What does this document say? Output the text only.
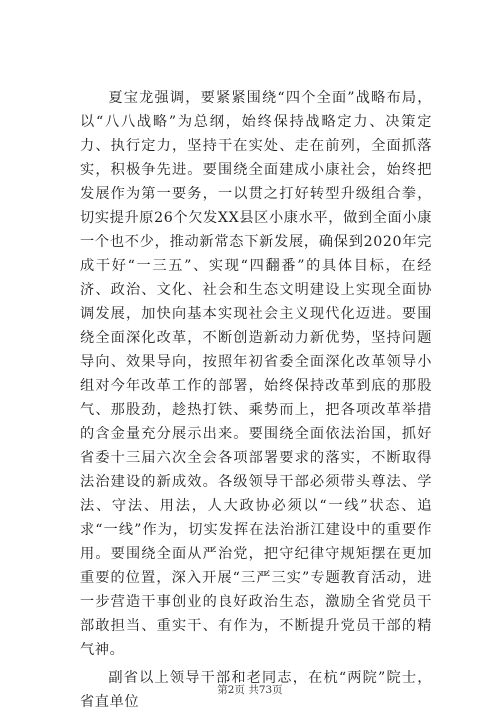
夏宝龙强调，要紧紧围绕“四个全面”战略布局，以“八八战略”为总纲，始终保持战略定力、决策定力、执行定力，坚持干在实处、走在前列，全面抓落实，积极争先进。要围绕全面建成小康社会，始终把发展作为第一要务，一以贯之打好转型升级组合拳，切实提升原26个欠发XX县区小康水平，做到全面小康一个也不少，推动新常态下新发展，确保到2020年完成干好“一三五”、实现“四翻番”的具体目标，在经济、政治、文化、社会和生态文明建设上实现全面协调发展，加快向基本实现社会主义现代化迈进。要围绕全面深化改革，不断创造新动力新优势，坚持问题导向、效果导向，按照年初省委全面深化改革领导小组对今年改革工作的部署，始终保持改革到底的那股气、那股劲，趁热打铁、乘势而上，把各项改革举措的含金量充分展示出来。要围绕全面依法治国，抓好省委十三届六次全会各项部署要求的落实，不断取得法治建设的新成效。各级领导干部必须带头尊法、学法、守法、用法，人大政协必须以“一线”状态、追求“一线”作为，切实发挥在法治浙江建设中的重要作用。要围绕全面从严治党，把守纪律守规矩摆在更加重要的位置，深入开展“三严三实”专题教育活动，进一步营造干事创业的良好政治生态，激励全省党员干部敢担当、重实干、有作为，不断提升党员干部的精气神。

副省以上领导干部和老同志，在杭“两院”院士，省直单位

第2页 共73页
